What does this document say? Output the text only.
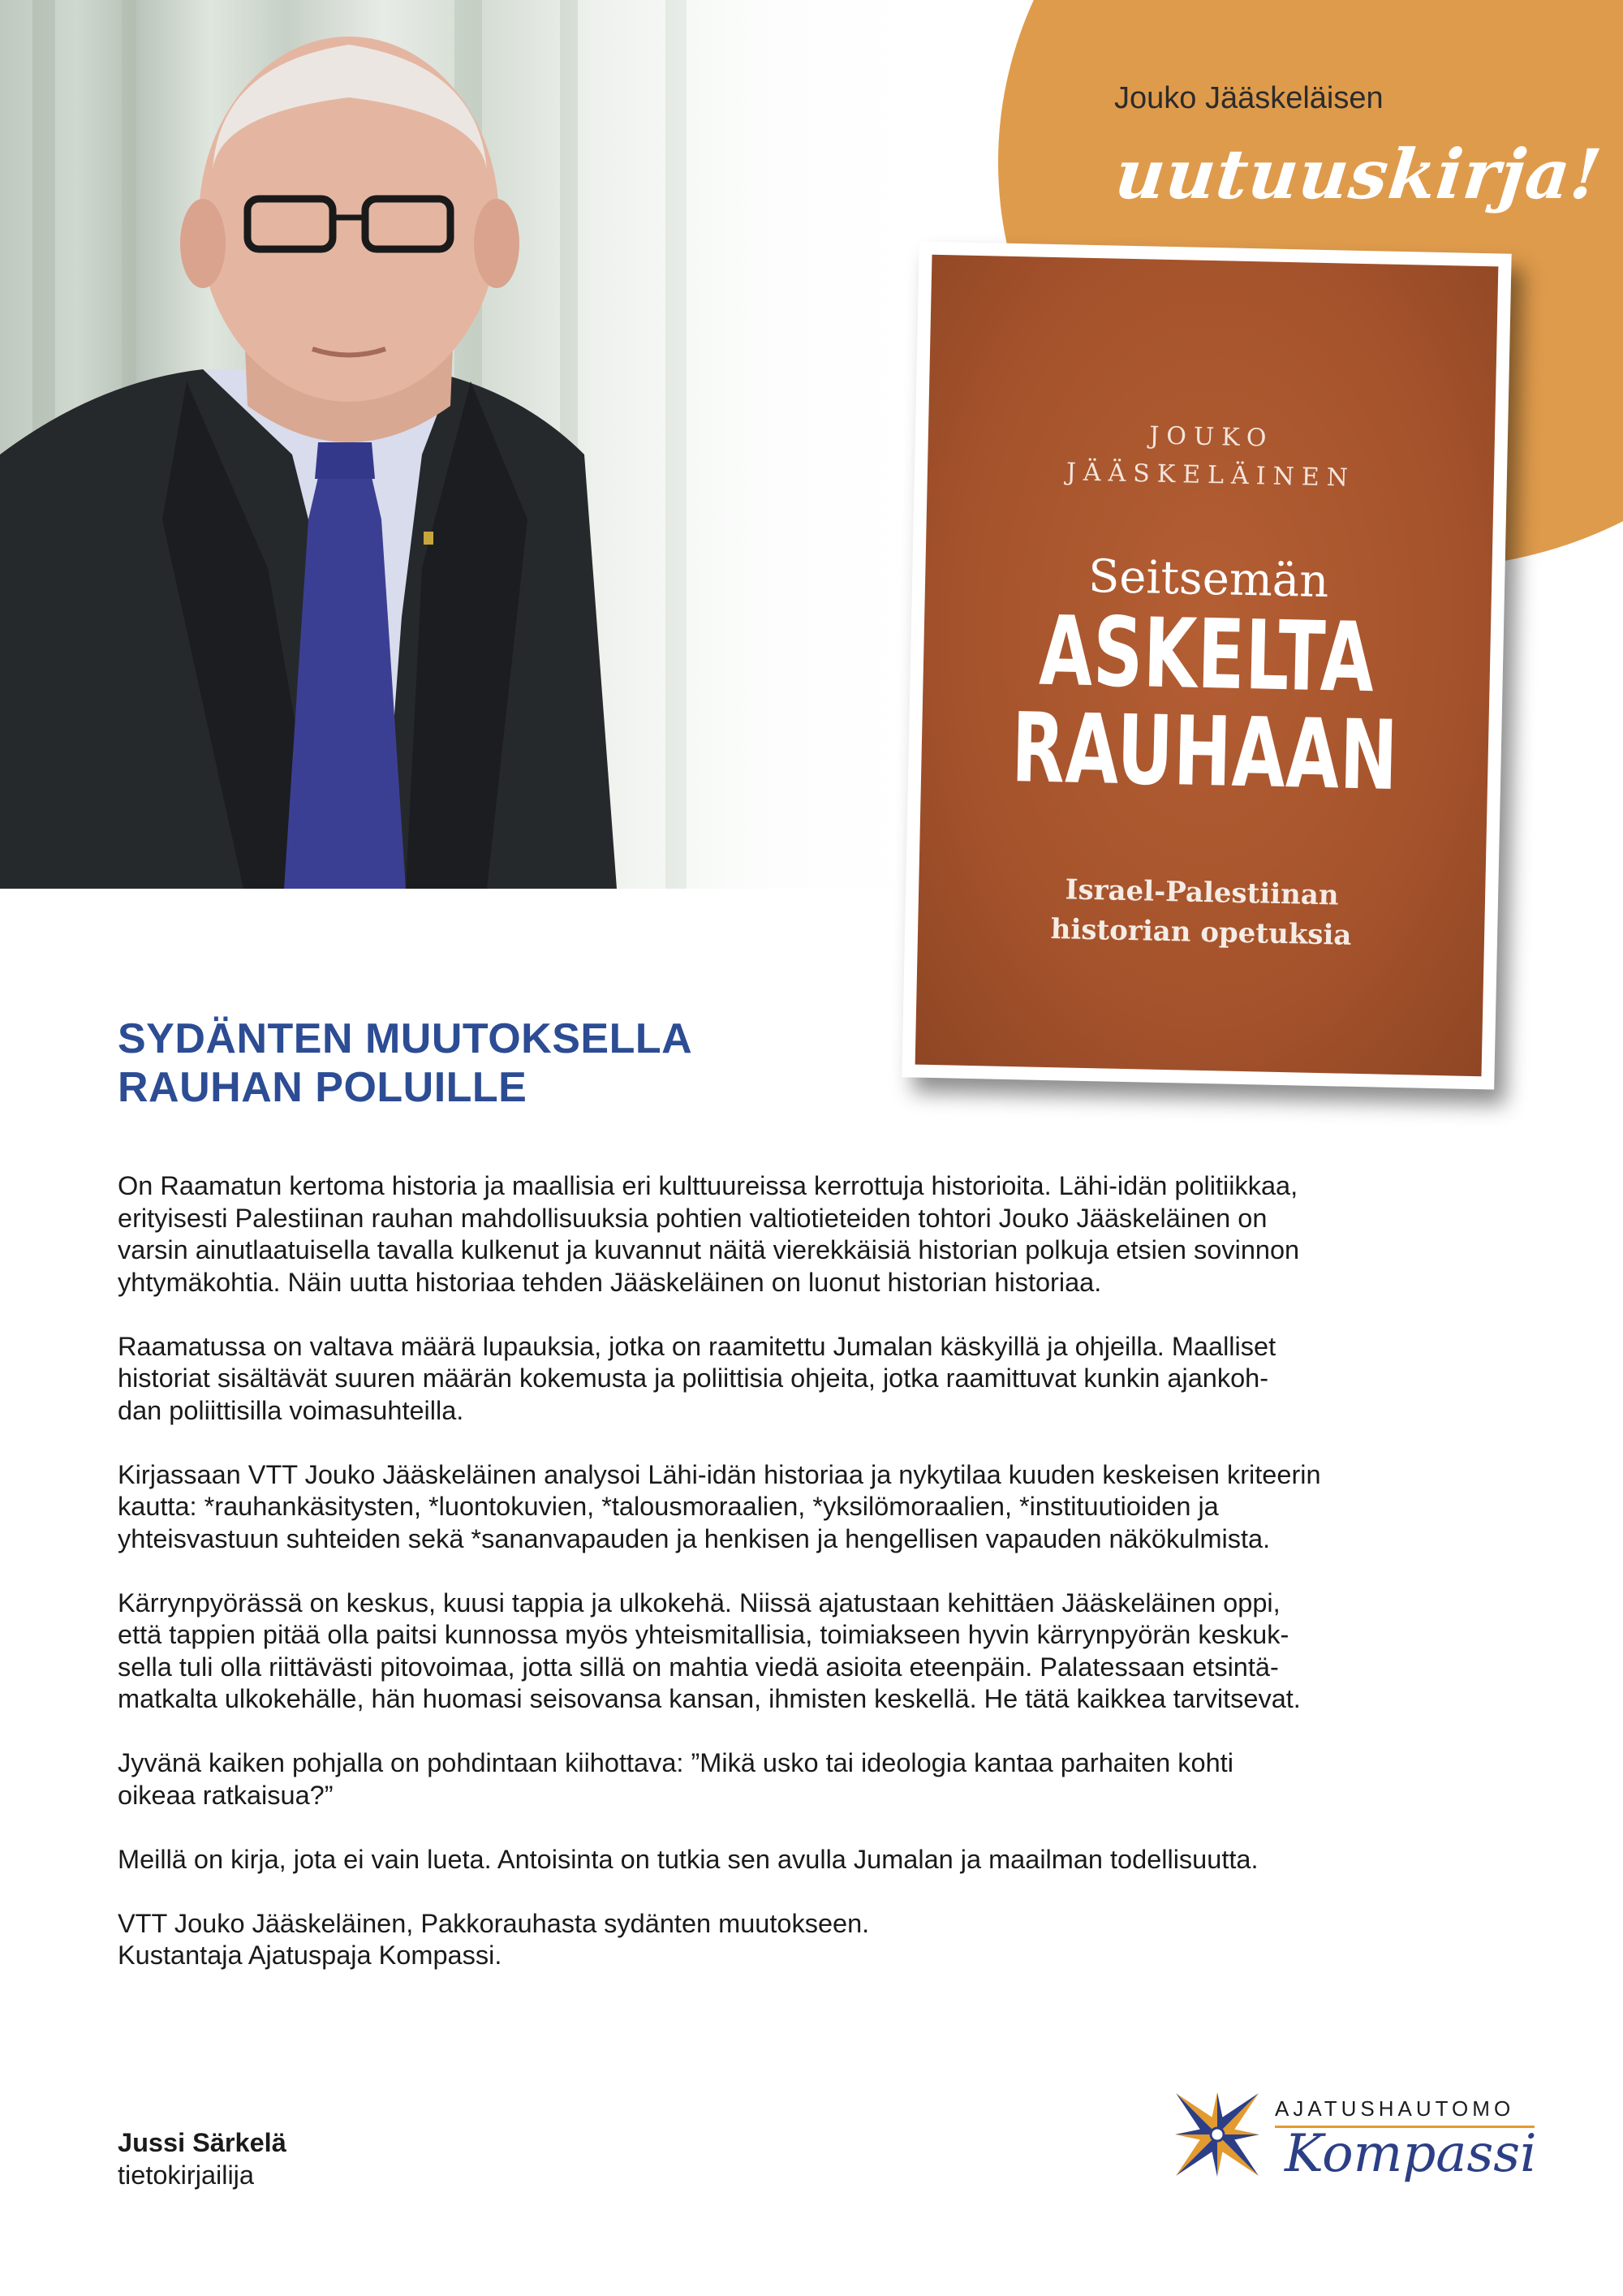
Jouko Jääskeläisen
uutuuskirja!
JOUKO
JÄÄSKELÄINEN
Seitsemän
ASKELTA
RAUHAAN
Israel-Palestiinan
historian opetuksia
SYDÄNTEN MUUTOKSELLA
RAUHAN POLUILLE

On Raamatun kertoma historia ja maallisia eri kulttuureissa kerrottuja historioita. Lähi-idän politiikkaa,
erityisesti Palestiinan rauhan mahdollisuuksia pohtien valtiotieteiden tohtori Jouko Jääskeläinen on
varsin ainutlaatuisella tavalla kulkenut ja kuvannut näitä vierekkäisiä historian polkuja etsien sovinnon
yhtymäkohtia. Näin uutta historiaa tehden Jääskeläinen on luonut historian historiaa.

Raamatussa on valtava määrä lupauksia, jotka on raamitettu Jumalan käskyillä ja ohjeilla. Maalliset
historiat sisältävät suuren määrän kokemusta ja poliittisia ohjeita, jotka raamittuvat kunkin ajankoh-
dan poliittisilla voimasuhteilla.

Kirjassaan VTT Jouko Jääskeläinen analysoi Lähi-idän historiaa ja nykytilaa kuuden keskeisen kriteerin
kautta: *rauhankäsitysten, *luontokuvien, *talousmoraalien, *yksilömoraalien, *instituutioiden ja
yhteisvastuun suhteiden sekä *sananvapauden ja henkisen ja hengellisen vapauden näkökulmista.

Kärrynpyörässä on keskus, kuusi tappia ja ulkokehä. Niissä ajatustaan kehittäen Jääskeläinen oppi,
että tappien pitää olla paitsi kunnossa myös yhteismitallisia, toimiakseen hyvin kärrynpyörän keskuk-
sella tuli olla riittävästi pitovoimaa, jotta sillä on mahtia viedä asioita eteenpäin. Palatessaan etsintä-
matkalta ulkokehälle, hän huomasi seisovansa kansan, ihmisten keskellä. He tätä kaikkea tarvitsevat.

Jyvänä kaiken pohjalla on pohdintaan kiihottava: ”Mikä usko tai ideologia kantaa parhaiten kohti
oikeaa ratkaisua?”

Meillä on kirja, jota ei vain lueta. Antoisinta on tutkia sen avulla Jumalan ja maailman todellisuutta.

VTT Jouko Jääskeläinen, Pakkorauhasta sydänten muutokseen.
Kustantaja Ajatuspaja Kompassi.

Jussi Särkelä
tietokirjailija
AJATUSHAUTOMO
Kompassi
